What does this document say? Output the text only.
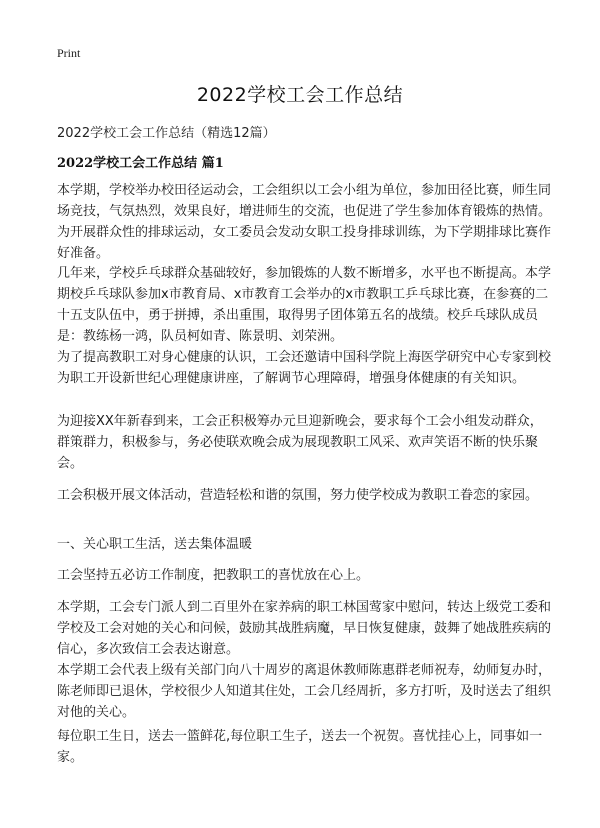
Print
2022学校工会工作总结
2022学校工会工作总结（精选12篇）
2022学校工会工作总结 篇1
本学期，学校举办校田径运动会，工会组织以工会小组为单位，参加田径比赛，师生同场竞技，气氛热烈，效果良好，增进师生的交流，也促进了学生参加体育锻炼的热情。为开展群众性的排球运动，女工委员会发动女职工投身排球训练，为下学期排球比赛作好准备。
几年来，学校乒乓球群众基础较好，参加锻炼的人数不断增多，水平也不断提高。本学期校乒乓球队参加x市教育局、x市教育工会举办的x市教职工乒乓球比赛，在参赛的二十五支队伍中，勇于拼搏，杀出重围，取得男子团体第五名的战绩。校乒乓球队成员是：教练杨一鸿，队员柯如青、陈景明、刘荣洲。
为了提高教职工对身心健康的认识，工会还邀请中国科学院上海医学研究中心专家到校为职工开设新世纪心理健康讲座，了解调节心理障碍，增强身体健康的有关知识。
为迎接XX年新春到来，工会正积极筹办元旦迎新晚会，要求每个工会小组发动群众，群策群力，积极参与，务必使联欢晚会成为展现教职工风采、欢声笑语不断的快乐聚会。
工会积极开展文体活动，营造轻松和谐的氛围，努力使学校成为教职工眷恋的家园。
一、关心职工生活，送去集体温暖
工会坚持五必访工作制度，把教职工的喜忧放在心上。
本学期，工会专门派人到二百里外在家养病的职工林国莺家中慰问，转达上级党工委和学校及工会对她的关心和问候，鼓励其战胜病魔，早日恢复健康，鼓舞了她战胜疾病的信心，多次致信工会表达谢意。
本学期工会代表上级有关部门向八十周岁的离退休教师陈惠群老师祝寿，幼师复办时，陈老师即已退休，学校很少人知道其住处，工会几经周折，多方打听，及时送去了组织对他的关心。
每位职工生日，送去一篮鲜花,每位职工生子，送去一个祝贺。喜忧挂心上，同事如一家。
